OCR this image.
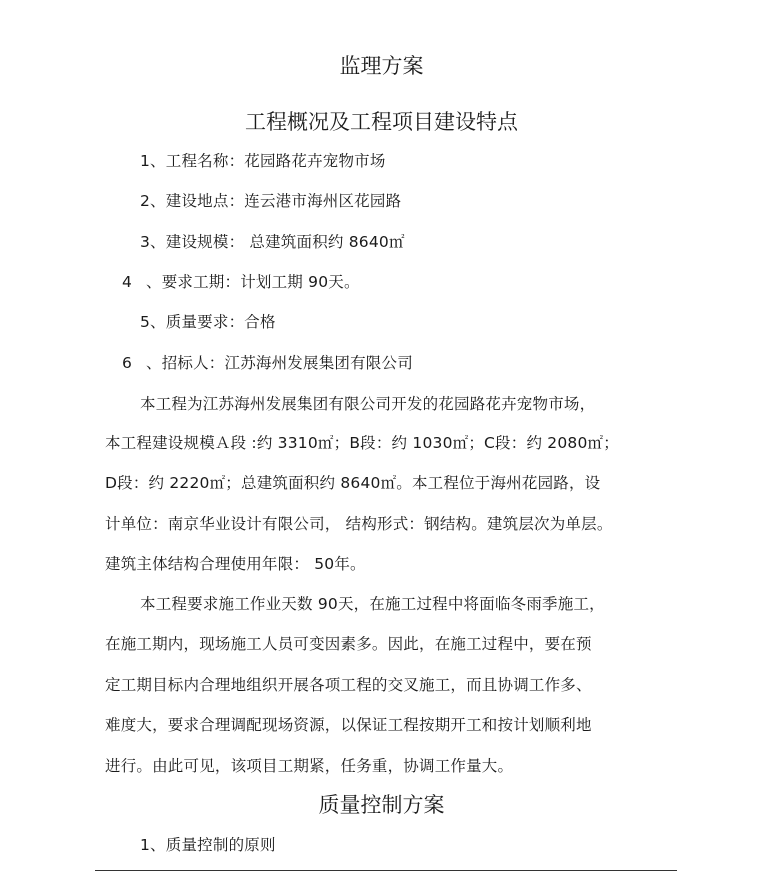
监理方案
工程概况及工程项目建设特点
1、工程名称：花园路花卉宠物市场
2、建设地点：连云港市海州区花园路
3、建设规模： 总建筑面积约 8640㎡
4 、要求工期：计划工期 90天。
5、质量要求：合格
6 、招标人：江苏海州发展集团有限公司
本工程为江苏海州发展集团有限公司开发的花园路花卉宠物市场，
本工程建设规模Ａ段 :约 3310㎡；B段：约 1030㎡；C段：约 2080㎡；
D段：约 2220㎡；总建筑面积约 8640㎡。本工程位于海州花园路，设
计单位：南京华业设计有限公司， 结构形式：钢结构。建筑层次为单层。
建筑主体结构合理使用年限： 50年。
本工程要求施工作业天数 90天，在施工过程中将面临冬雨季施工，
在施工期内，现场施工人员可变因素多。因此，在施工过程中，要在预
定工期目标内合理地组织开展各项工程的交叉施工，而且协调工作多、
难度大，要求合理调配现场资源，以保证工程按期开工和按计划顺利地
进行。由此可见，该项目工期紧，任务重，协调工作量大。
质量控制方案
1、质量控制的原则
